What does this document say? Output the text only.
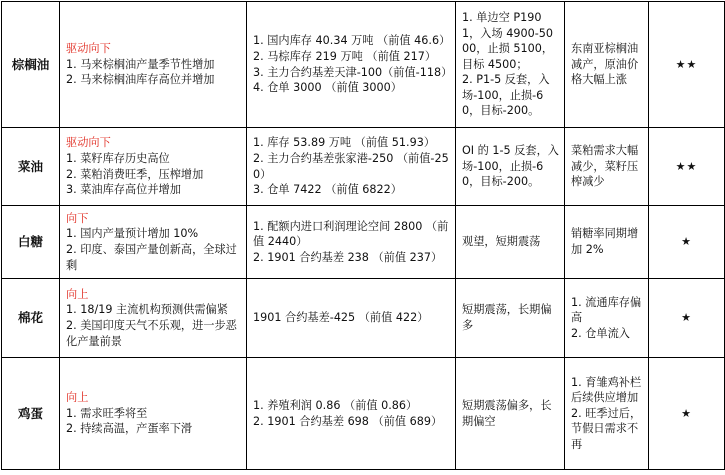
棕榈油	驱动向下
1. 马来棕榈油产量季节性增加
2. 马来棕榈油库存高位并增加	1. 国内库存 40.34 万吨 （前值 46.6）
2. 马棕库存 219 万吨 （前值 217）
3. 主力合约基差天津-100（前值-118）
4. 仓单 3000 （前值 3000）	1. 单边空 P1901，入场 4900-5000，止损 5100，目标 4500；
2. P1-5 反套，入场-100，止损-60，目标-200。	东南亚棕榈油减产，原油价格大幅上涨	★★
菜油	驱动向下
1. 菜籽库存历史高位
2. 菜粕消费旺季，压榨增加
3. 菜油库存高位并增加	1. 库存 53.89 万吨 （前值 51.93）
2. 主力合约基差张家港-250 （前值-250）
3. 仓单 7422 （前值 6822）	OI 的 1-5 反套，入场-100，止损-60，目标-200。	菜粕需求大幅减少，菜籽压榨减少	★★
白糖	向下
1. 国内产量预计增加 10%
2. 印度、泰国产量创新高，全球过剩	1. 配额内进口利润理论空间 2800 （前值 2440）
2. 1901 合约基差 238 （前值 237）	观望，短期震荡	销糖率同期增加 2%	★
棉花	向上
1. 18/19 主流机构预测供需偏紧
2. 美国印度天气不乐观，进一步恶化产量前景	1901 合约基差-425 （前值 422）	短期震荡，长期偏多	1. 流通库存偏高
2. 仓单流入	★
鸡蛋	向上
1. 需求旺季将至
2. 持续高温，产蛋率下滑	1. 养殖利润 0.86 （前值 0.86）
2. 1901 合约基差 698 （前值 689）	短期震荡偏多，长期偏空	1. 育雏鸡补栏后续供应增加
2. 旺季过后，节假日需求不再	★
